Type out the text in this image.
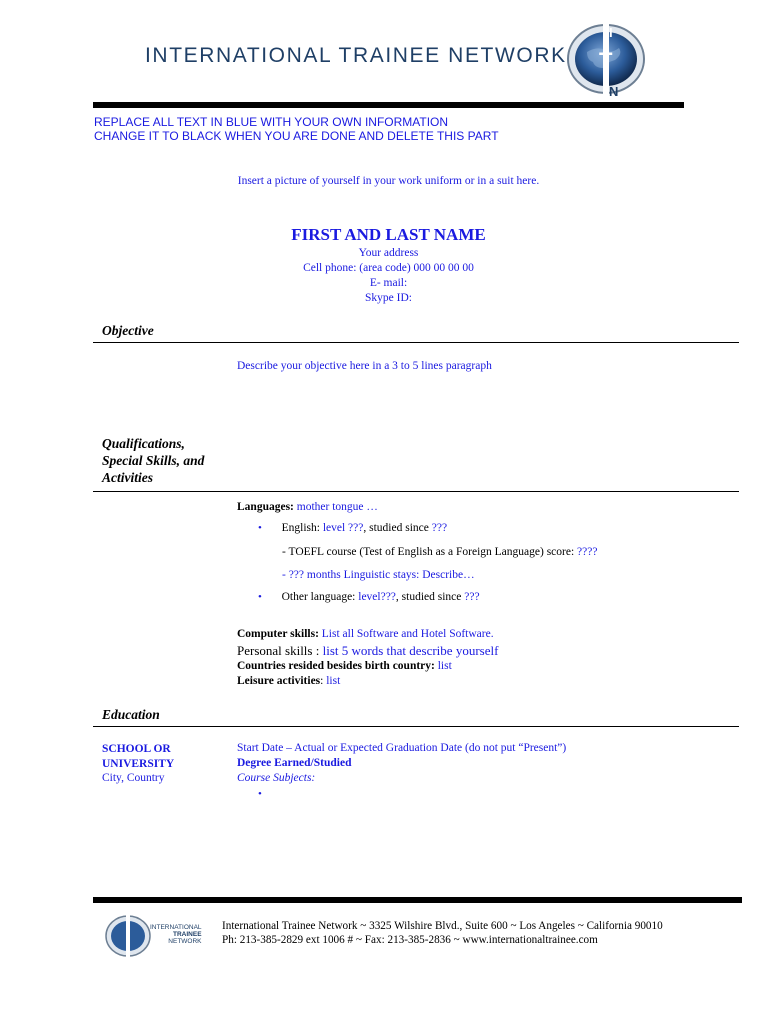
INTERNATIONAL TRAINEE NETWORK
I
T
N
REPLACE ALL TEXT IN BLUE WITH YOUR OWN INFORMATION
CHANGE IT TO BLACK WHEN YOU ARE DONE AND DELETE THIS PART
Insert a picture of yourself in your work uniform or in a suit here.
FIRST AND LAST NAME
Your address
Cell phone: (area code) 000 00 00 00
E- mail:
Skype ID:
Objective
Describe your objective here in a 3 to 5 lines paragraph
Qualifications,
Special Skills, and
Activities
Languages: mother tongue …
• English: level ???, studied since ???
- TOEFL course (Test of English as a Foreign Language) score: ????
- ??? months Linguistic stays: Describe…
• Other language: level???, studied since ???
Computer skills: List all Software and Hotel Software.
Personal skills : list 5 words that describe yourself
Countries resided besides birth country: list
Leisure activities: list
Education
SCHOOL OR
UNIVERSITY
City, Country
Start Date – Actual or Expected Graduation Date (do not put “Present”)
Degree Earned/Studied
Course Subjects:
•
INTERNATIONAL
TRAINEE
NETWORK
International Trainee Network ~ 3325 Wilshire Blvd., Suite 600 ~ Los Angeles ~ California 90010
Ph: 213-385-2829 ext 1006 # ~ Fax: 213-385-2836 ~ www.internationaltrainee.com
